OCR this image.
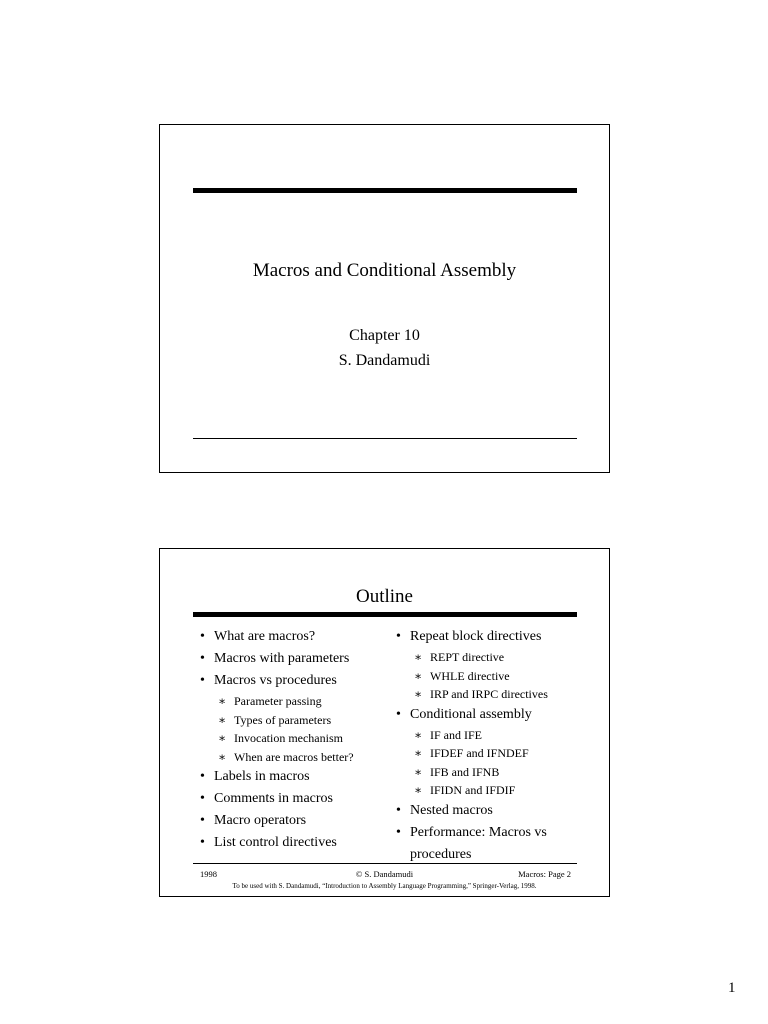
Macros and Conditional Assembly
Chapter 10
S. Dandamudi
Outline
• What are macros?
• Macros with parameters
• Macros vs procedures
∗ Parameter passing
∗ Types of parameters
∗ Invocation mechanism
∗ When are macros better?
• Labels in macros
• Comments in macros
• Macro operators
• List control directives
• Repeat block directives
∗ REPT directive
∗ WHLE directive
∗ IRP and IRPC directives
• Conditional assembly
∗ IF and IFE
∗ IFDEF and IFNDEF
∗ IFB and IFNB
∗ IFIDN and IFDIF
• Nested macros
• Performance: Macros vs procedures
1998	© S. Dandamudi	Macros: Page 2
To be used with S. Dandamudi, “Introduction to Assembly Language Programming,” Springer-Verlag, 1998.
1
